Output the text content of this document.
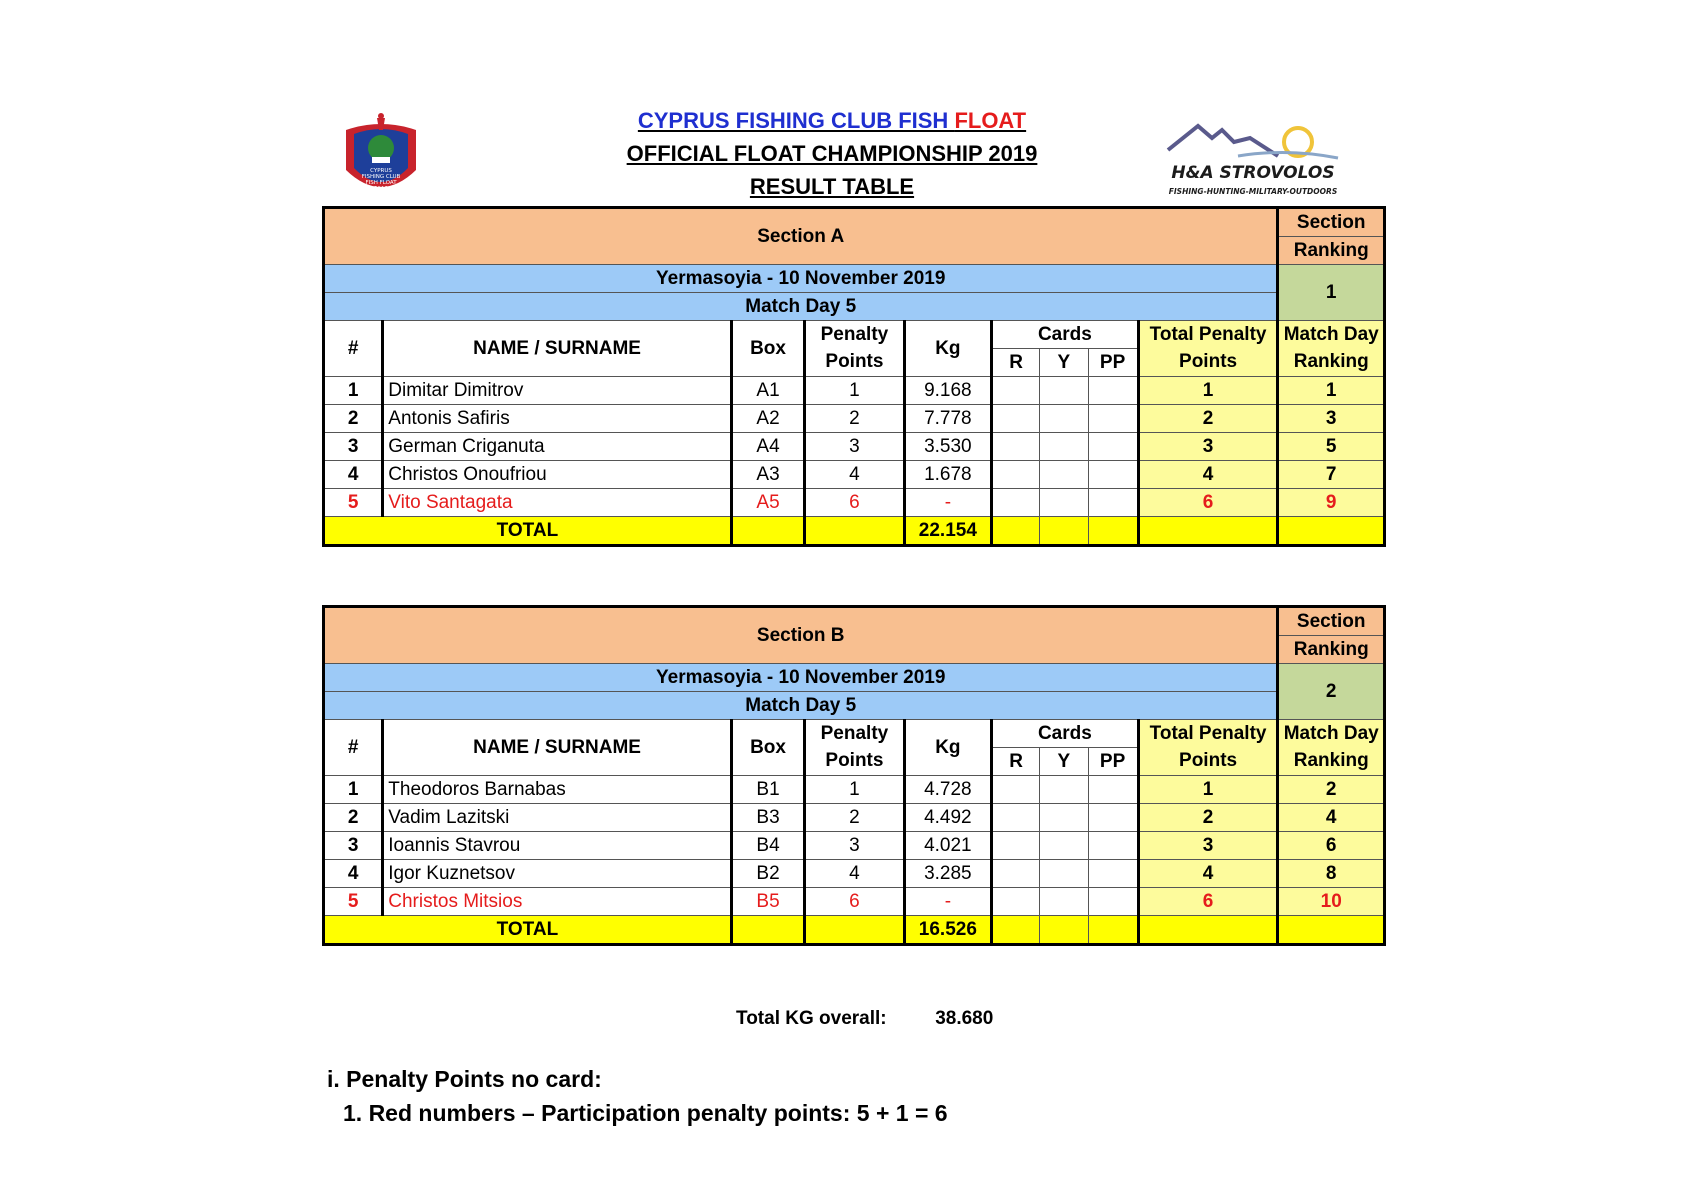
CYPRUS
FISHING CLUB
FISH FLOAT
2019
CYPRUS FISHING CLUB FISH FLOAT
OFFICIAL FLOAT CHAMPIONSHIP 2019
RESULT TABLE
H&A STROVOLOS
FISHING-HUNTING-MILITARY-OUTDOORS
Section A									Section
									Ranking
Yermasoyia - 10 November 2019									1
Match Day 5									
#	NAME / SURNAME	Box	Penalty	Kg	Cards			Total Penalty	Match Day
			Points		R	Y	PP	Points	Ranking

1	Dimitar Dimitrov	A1	1	9.168				1	1
2	Antonis Safiris	A2	2	7.778				2	3
3	German Criganuta	A4	3	3.530				3	5
4	Christos Onoufriou	A3	4	1.678				4	7
5	Vito Santagata	A5	6	-				6	9
TOTAL				22.154					
Section B									Section
									Ranking
Yermasoyia - 10 November 2019									2
Match Day 5									
#	NAME / SURNAME	Box	Penalty	Kg	Cards			Total Penalty	Match Day
			Points		R	Y	PP	Points	Ranking

1	Theodoros Barnabas	B1	1	4.728				1	2
2	Vadim Lazitski	B3	2	4.492				2	4
3	Ioannis Stavrou	B4	3	4.021				3	6
4	Igor Kuznetsov	B2	4	3.285				4	8
5	Christos Mitsios	B5	6	-				6	10
TOTAL				16.526					
Total KG overall:	38.680
i. Penalty Points no card:
1. Red numbers – Participation penalty points: 5 + 1 = 6
